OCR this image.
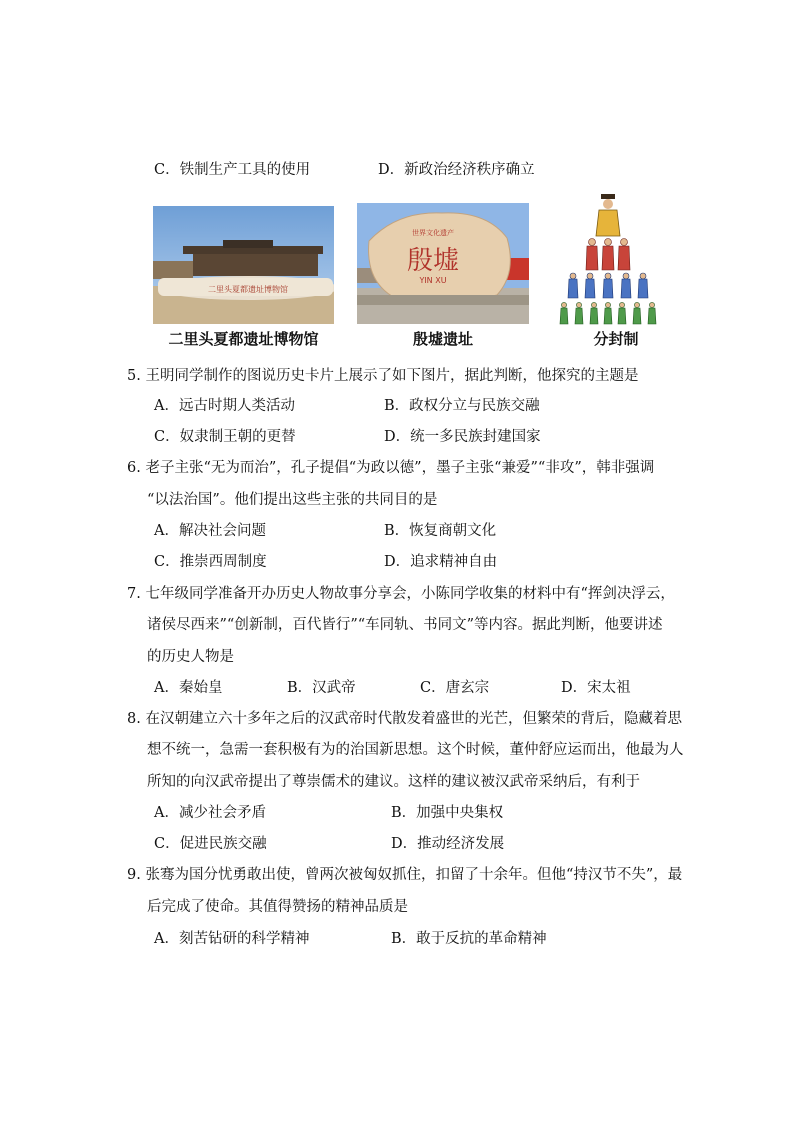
C．铁制生产工具的使用	D．新政治经济秩序确立
二里头夏都遗址博物馆
世界文化遗产
殷墟
YIN XU
二里头夏都遗址博物馆	殷墟遗址	分封制
5. 王明同学制作的图说历史卡片上展示了如下图片，据此判断，他探究的主题是
A．远古时期人类活动	B．政权分立与民族交融
C．奴隶制王朝的更替	D．统一多民族封建国家
6. 老子主张“无为而治”，孔子提倡“为政以德”，墨子主张“兼爱”“非攻”，韩非强调
“以法治国”。他们提出这些主张的共同目的是
A．解决社会问题	B．恢复商朝文化
C．推崇西周制度	D．追求精神自由
7. 七年级同学准备开办历史人物故事分享会，小陈同学收集的材料中有“挥剑决浮云，
诸侯尽西来”“创新制，百代皆行”“车同轨、书同文”等内容。据此判断，他要讲述
的历史人物是
A．秦始皇	B．汉武帝	C．唐玄宗	D．宋太祖
8. 在汉朝建立六十多年之后的汉武帝时代散发着盛世的光芒，但繁荣的背后，隐藏着思
想不统一，急需一套积极有为的治国新思想。这个时候，董仲舒应运而出，他最为人
所知的向汉武帝提出了尊崇儒术的建议。这样的建议被汉武帝采纳后，有利于
A．减少社会矛盾	B．加强中央集权
C．促进民族交融	D．推动经济发展
9. 张骞为国分忧勇敢出使，曾两次被匈奴抓住，扣留了十余年。但他“持汉节不失”，最
后完成了使命。其值得赞扬的精神品质是
A．刻苦钻研的科学精神	B．敢于反抗的革命精神
